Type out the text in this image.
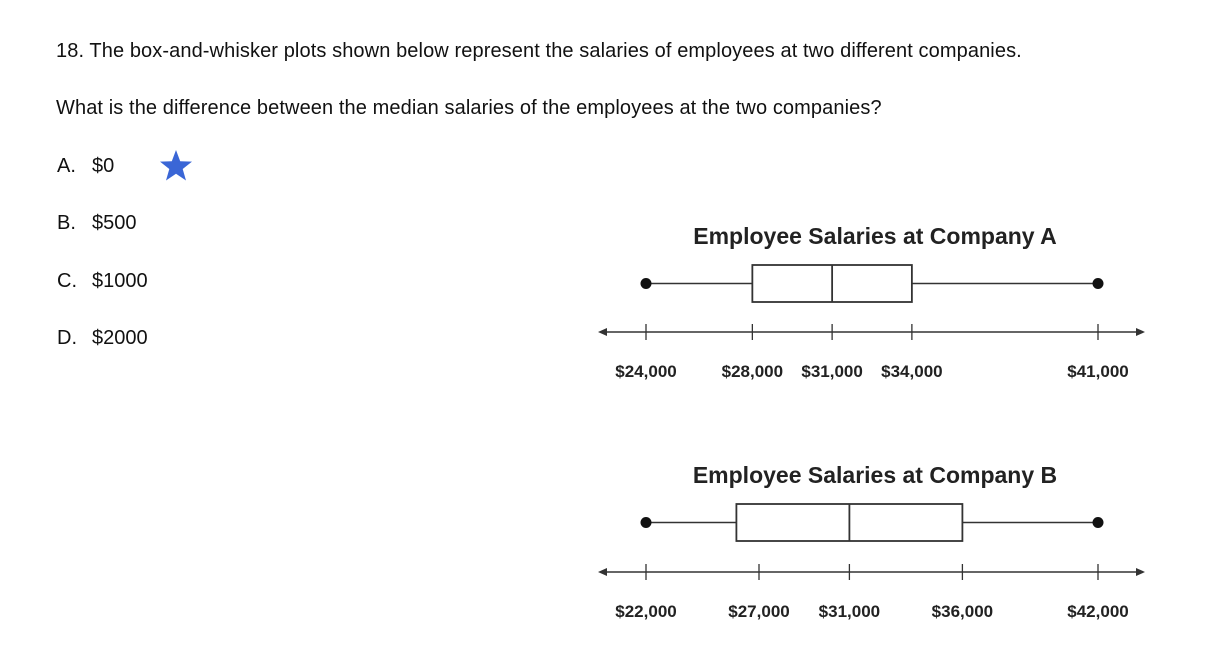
18. The box-and-whisker plots shown below represent the salaries of employees at two different companies.
What is the difference between the median salaries of the employees at the two companies?
A. $0
B. $500
C. $1000
D. $2000
Employee Salaries at Company A
$24,000	$28,000 $31,000 $34,000	$41,000
Employee Salaries at Company B
$22,000	$27,000 $31,000	$36,000	$42,000
